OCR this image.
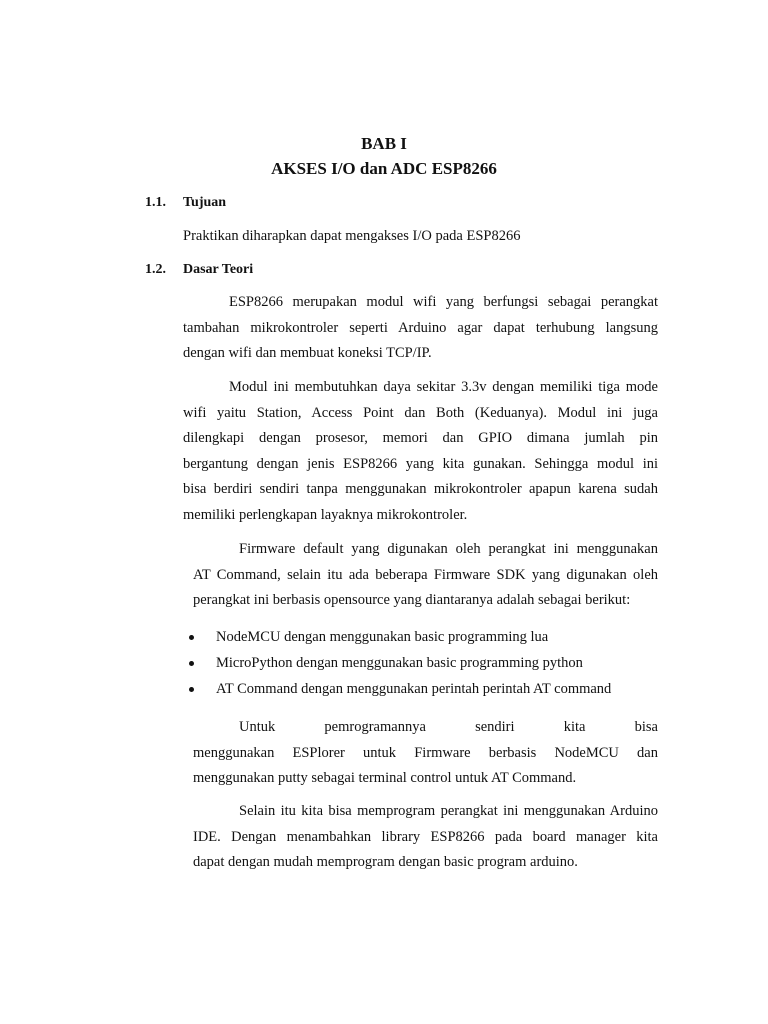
BAB I
AKSES I/O dan ADC ESP8266
1.1. Tujuan
Praktikan diharapkan dapat mengakses I/O pada ESP8266
1.2. Dasar Teori
ESP8266 merupakan modul wifi yang berfungsi sebagai perangkat
tambahan mikrokontroler seperti Arduino agar dapat terhubung langsung
dengan wifi dan membuat koneksi TCP/IP.
Modul ini membutuhkan daya sekitar 3.3v dengan memiliki tiga mode
wifi yaitu Station, Access Point dan Both (Keduanya). Modul ini juga
dilengkapi dengan prosesor, memori dan GPIO dimana jumlah pin
bergantung dengan jenis ESP8266 yang kita gunakan. Sehingga modul ini
bisa berdiri sendiri tanpa menggunakan mikrokontroler apapun karena sudah
memiliki perlengkapan layaknya mikrokontroler.
Firmware default yang digunakan oleh perangkat ini menggunakan
AT Command, selain itu ada beberapa Firmware SDK yang digunakan oleh
perangkat ini berbasis opensource yang diantaranya adalah sebagai berikut:
NodeMCU dengan menggunakan basic programming lua
MicroPython dengan menggunakan basic programming python
AT Command dengan menggunakan perintah perintah AT command
Untuk	pemrogramannya	sendiri	kita	bisa
menggunakan ESPlorer untuk Firmware berbasis NodeMCU dan
menggunakan putty sebagai terminal control untuk AT Command.
Selain itu kita bisa memprogram perangkat ini menggunakan Arduino
IDE. Dengan menambahkan library ESP8266 pada board manager kita
dapat dengan mudah memprogram dengan basic program arduino.
